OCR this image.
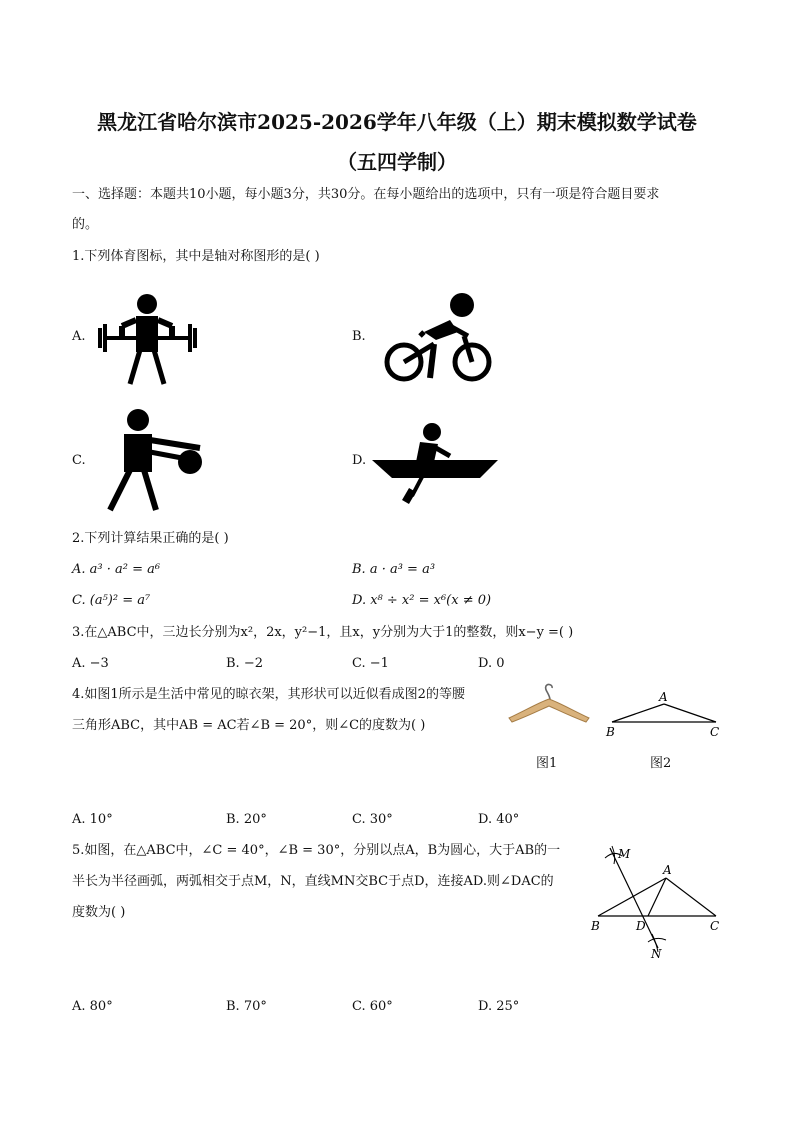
黑龙江省哈尔滨市2025-2026学年八年级（上）期末模拟数学试卷
（五四学制）
一、选择题：本题共10小题，每小题3分，共30分。在每小题给出的选项中，只有一项是符合题目要求
的。
1.下列体育图标，其中是轴对称图形的是( )
A.	B.
C.	D.
2.下列计算结果正确的是( )
A. a³ · a² = a⁶	B. a · a³ = a³
C. (a⁵)² = a⁷	D. x⁸ ÷ x² = x⁶(x ≠ 0)
3.在△ABC中，三边长分别为x²，2x，y²−1，且x，y分别为大于1的整数，则x−y =( )
A. −3	B. −2	C. −1	D. 0
4.如图1所示是生活中常见的晾衣架，其形状可以近似看成图2的等腰
三角形ABC，其中AB = AC若∠B = 20°，则∠C的度数为( )
图1
A
B	C
图2
A. 10°	B. 20°	C. 30°	D. 40°
5.如图，在△ABC中，∠C = 40°，∠B = 30°，分别以点A，B为圆心，大于AB的一
半长为半径画弧，两弧相交于点M，N，直线MN交BC于点D，连接AD.则∠DAC的
度数为( )
M
A
B	D	C
N
A. 80°	B. 70°	C. 60°	D. 25°
